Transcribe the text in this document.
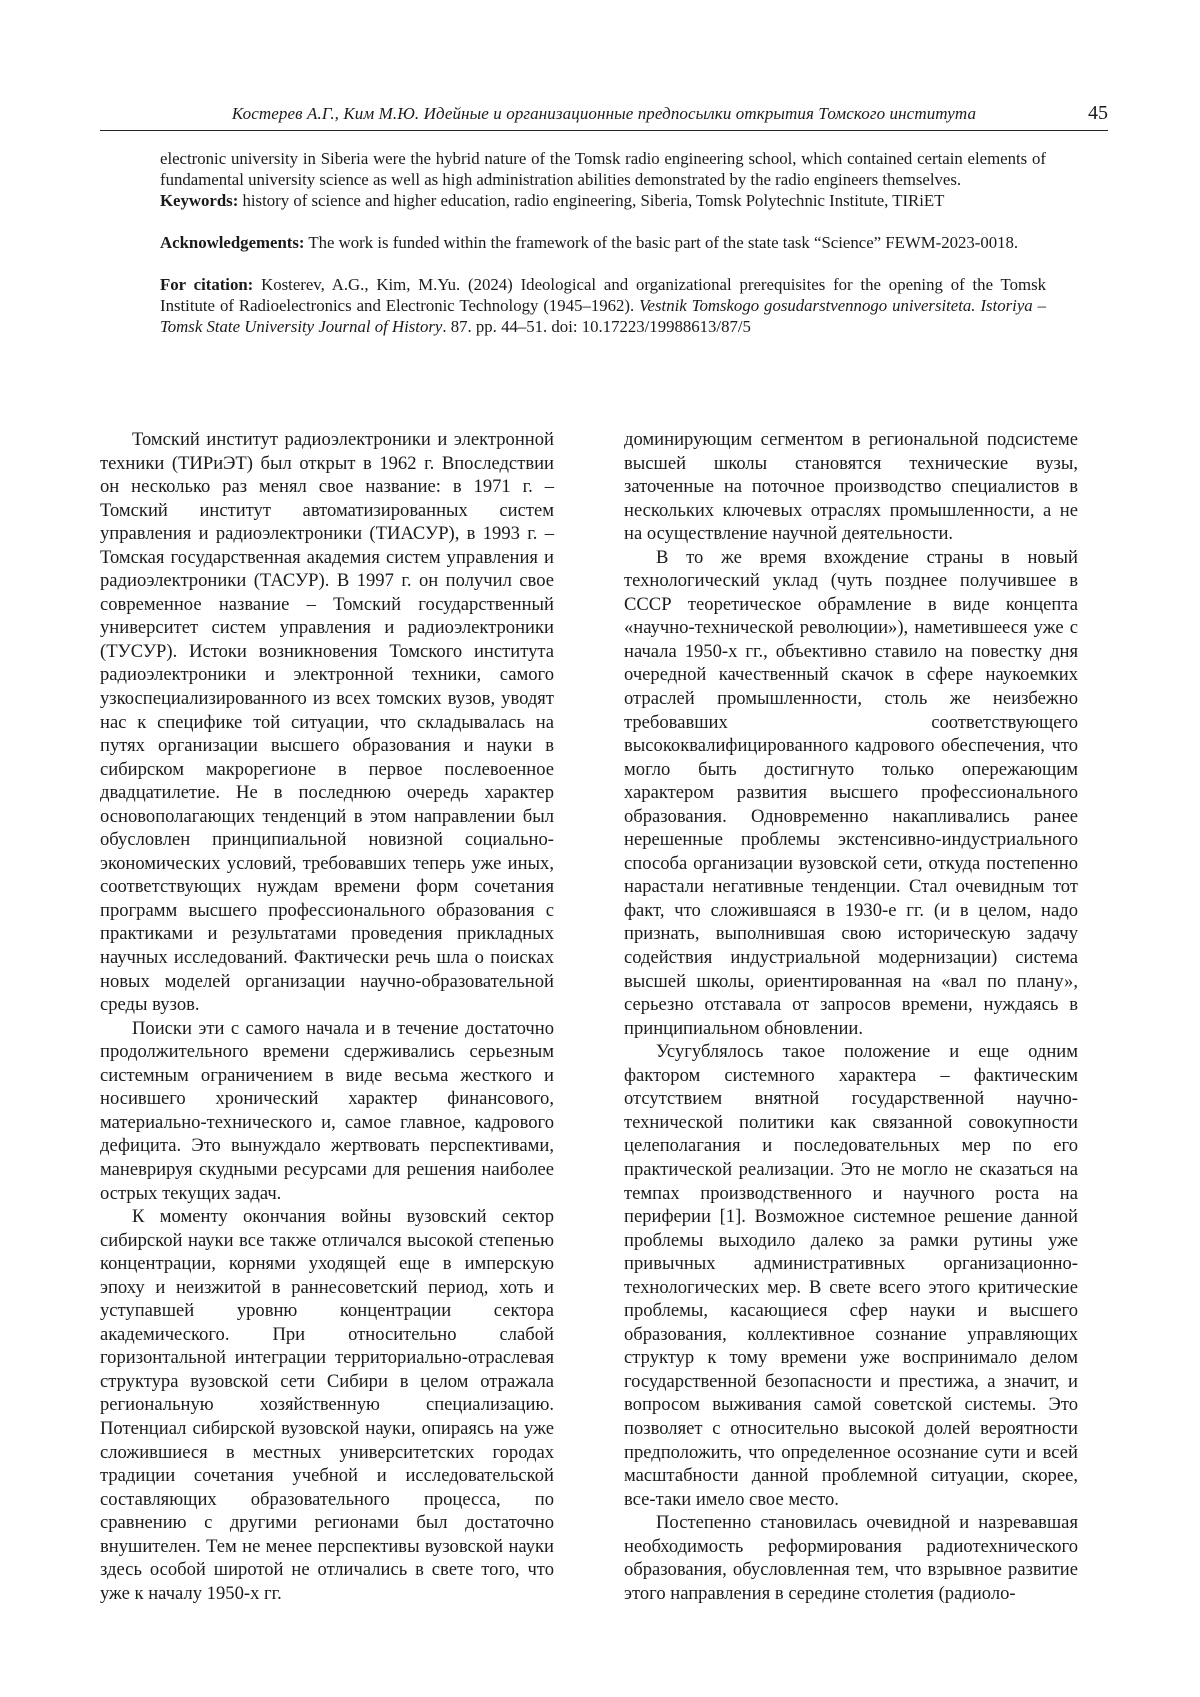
Костерев А.Г., Ким М.Ю. Идейные и организационные предпосылки открытия Томского института	45

electronic university in Siberia were the hybrid nature of the Tomsk radio engineering school, which contained certain elements of fundamental university science as well as high administration abilities demonstrated by the radio engineers themselves.

Keywords: history of science and higher education, radio engineering, Siberia, Tomsk Polytechnic Institute, TIRiET

Acknowledgements: The work is funded within the framework of the basic part of the state task “Science” FEWM-2023-0018.

For citation: Kosterev, A.G., Kim, M.Yu. (2024) Ideological and organizational prerequisites for the opening of the Tomsk Institute of Radioelectronics and Electronic Technology (1945–1962). Vestnik Tomskogo gosudarstvennogo universiteta. Istoriya – Tomsk State University Journal of History. 87. pp. 44–51. doi: 10.17223/19988613/87/5

Томский институт радиоэлектроники и электронной техники (ТИРиЭТ) был открыт в 1962 г. Впоследствии он несколько раз менял свое название: в 1971 г. – Томский институт автоматизированных систем управления и радиоэлектроники (ТИАСУР), в 1993 г. – Томская государственная академия систем управления и радиоэлектроники (ТАСУР). В 1997 г. он получил свое современное название – Томский государственный университет систем управления и радиоэлектроники (ТУСУР). Истоки возникновения Томского института радиоэлектроники и электронной техники, самого узкоспециализированного из всех томских вузов, уводят нас к специфике той ситуации, что складывалась на путях организации высшего образования и науки в сибирском макрорегионе в первое послевоенное двадцатилетие. Не в последнюю очередь характер основополагающих тенденций в этом направлении был обусловлен принципиальной новизной социально-экономических условий, требовавших теперь уже иных, соответствующих нуждам времени форм сочетания программ высшего профессионального образования с практиками и результатами проведения прикладных научных исследований. Фактически речь шла о поисках новых моделей организации научно-образовательной среды вузов.

Поиски эти с самого начала и в течение достаточно продолжительного времени сдерживались серьезным системным ограничением в виде весьма жесткого и носившего хронический характер финансового, материально-технического и, самое главное, кадрового дефицита. Это вынуждало жертвовать перспективами, маневрируя скудными ресурсами для решения наиболее острых текущих задач.

К моменту окончания войны вузовский сектор сибирской науки все также отличался высокой степенью концентрации, корнями уходящей еще в имперскую эпоху и неизжитой в раннесоветский период, хоть и уступавшей уровню концентрации сектора академического. При относительно слабой горизонтальной интеграции территориально-отраслевая структура вузовской сети Сибири в целом отражала региональную хозяйственную специализацию. Потенциал сибирской вузовской науки, опираясь на уже сложившиеся в местных университетских городах традиции сочетания учебной и исследовательской составляющих образовательного процесса, по сравнению с другими регионами был достаточно внушителен. Тем не менее перспективы вузовской науки здесь особой широтой не отличались в свете того, что уже к началу 1950-х гг.

доминирующим сегментом в региональной подсистеме высшей школы становятся технические вузы, заточенные на поточное производство специалистов в нескольких ключевых отраслях промышленности, а не на осуществление научной деятельности.

В то же время вхождение страны в новый технологический уклад (чуть позднее получившее в СССР теоретическое обрамление в виде концепта «научно-технической революции»), наметившееся уже с начала 1950-х гг., объективно ставило на повестку дня очередной качественный скачок в сфере наукоемких отраслей промышленности, столь же неизбежно требовавших соответствующего высококвалифицированного кадрового обеспечения, что могло быть достигнуто только опережающим характером развития высшего профессионального образования. Одновременно накапливались ранее нерешенные проблемы экстенсивно-индустриального способа организации вузовской сети, откуда постепенно нарастали негативные тенденции. Стал очевидным тот факт, что сложившаяся в 1930-е гг. (и в целом, надо признать, выполнившая свою историческую задачу содействия индустриальной модернизации) система высшей школы, ориентированная на «вал по плану», серьезно отставала от запросов времени, нуждаясь в принципиальном обновлении.

Усугублялось такое положение и еще одним фактором системного характера – фактическим отсутствием внятной государственной научно-технической политики как связанной совокупности целеполагания и последовательных мер по его практической реализации. Это не могло не сказаться на темпах производственного и научного роста на периферии [1]. Возможное системное решение данной проблемы выходило далеко за рамки рутины уже привычных административных организационно-технологических мер. В свете всего этого критические проблемы, касающиеся сфер науки и высшего образования, коллективное сознание управляющих структур к тому времени уже воспринимало делом государственной безопасности и престижа, а значит, и вопросом выживания самой советской системы. Это позволяет с относительно высокой долей вероятности предположить, что определенное осознание сути и всей масштабности данной проблемной ситуации, скорее, все-таки имело свое место.

Постепенно становилась очевидной и назревавшая необходимость реформирования радиотехнического образования, обусловленная тем, что взрывное развитие этого направления в середине столетия (радиоло-
